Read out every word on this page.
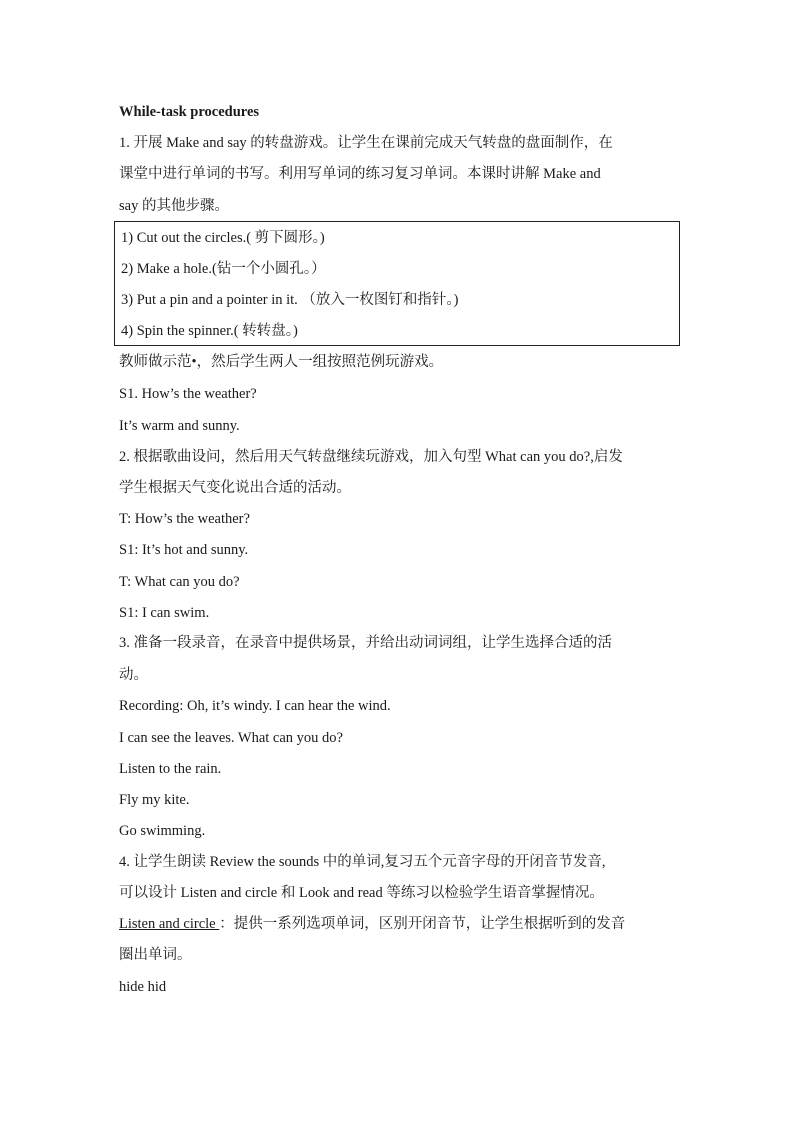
While-task procedures
1. 开展 Make and say 的转盘游戏。让学生在课前完成天气转盘的盘面制作，在
课堂中进行单词的书写。利用写单词的练习复习单词。本课时讲解 Make and
say 的其他步骤。
1) Cut out the circles.( 剪下圆形。)
2) Make a hole.(钻一个小圆孔。）
3) Put a pin and a pointer in it. （放入一枚图钉和指针。)
4) Spin the spinner.( 转转盘。)
教师做示范•，然后学生两人一组按照范例玩游戏。
S1. How’s the weather?
It’s warm and sunny.
2. 根据歌曲设问，然后用天气转盘继续玩游戏，加入句型 What can you do?,启发
学生根据天气变化说出合适的活动。
T: How’s the weather?
S1: It’s hot and sunny.
T: What can you do?
S1: I can swim.
3. 准备一段录音，在录音中提供场景，并给出动词词组，让学生选择合适的活
动。
Recording: Oh, it’s windy. I can hear the wind.
I can see the leaves. What can you do?
Listen to the rain.
Fly my kite.
Go swimming.
4. 让学生朗读 Review the sounds 中的单词,复习五个元音字母的开闭音节发音,
可以设计 Listen and circle 和 Look and read 等练习以检验学生语音掌握情况。
Listen and circle ：提供一系列选项单词，区别开闭音节，让学生根据听到的发音
圈出单词。
hide hid
